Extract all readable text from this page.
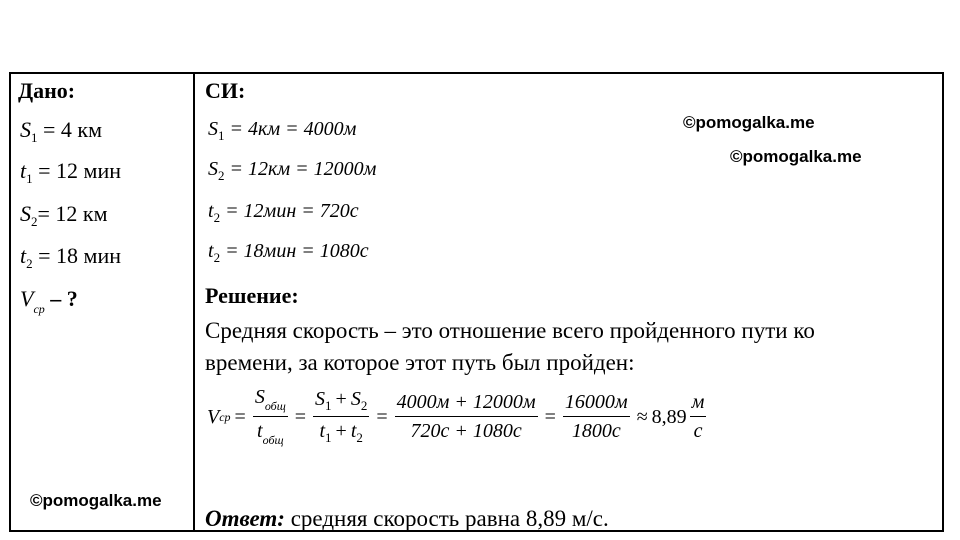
Дано:
$S_1 = 4$ км
$t_1 = 12$ мин
$S_2= 12$ км
$t_2 = 18$ мин
$V_{ср}$ – ?
СИ:
$S_1 = 4км = 4000м$
$S_2 = 12км = 12000м$
$t_2 = 12мин = 720с$
$t_2 = 18мин = 1080с$
Решение:
Средняя скорость – это отношение всего пройденного пути ко
времени, за которое этот путь был пройден:
V ср = $\frac{S_{общ}}{t_{общ}} = \frac{S_1 + S_2}{t_1 + t_2} = \frac{4000м + 12000м}{720с + 1080с} = \frac{16000м}{1800с} \approx 8,89 \frac{м}{с}$
Ответ: средняя скорость равна 8,89 м/с.
©pomogalka.me
©pomogalka.me
©pomogalka.me
